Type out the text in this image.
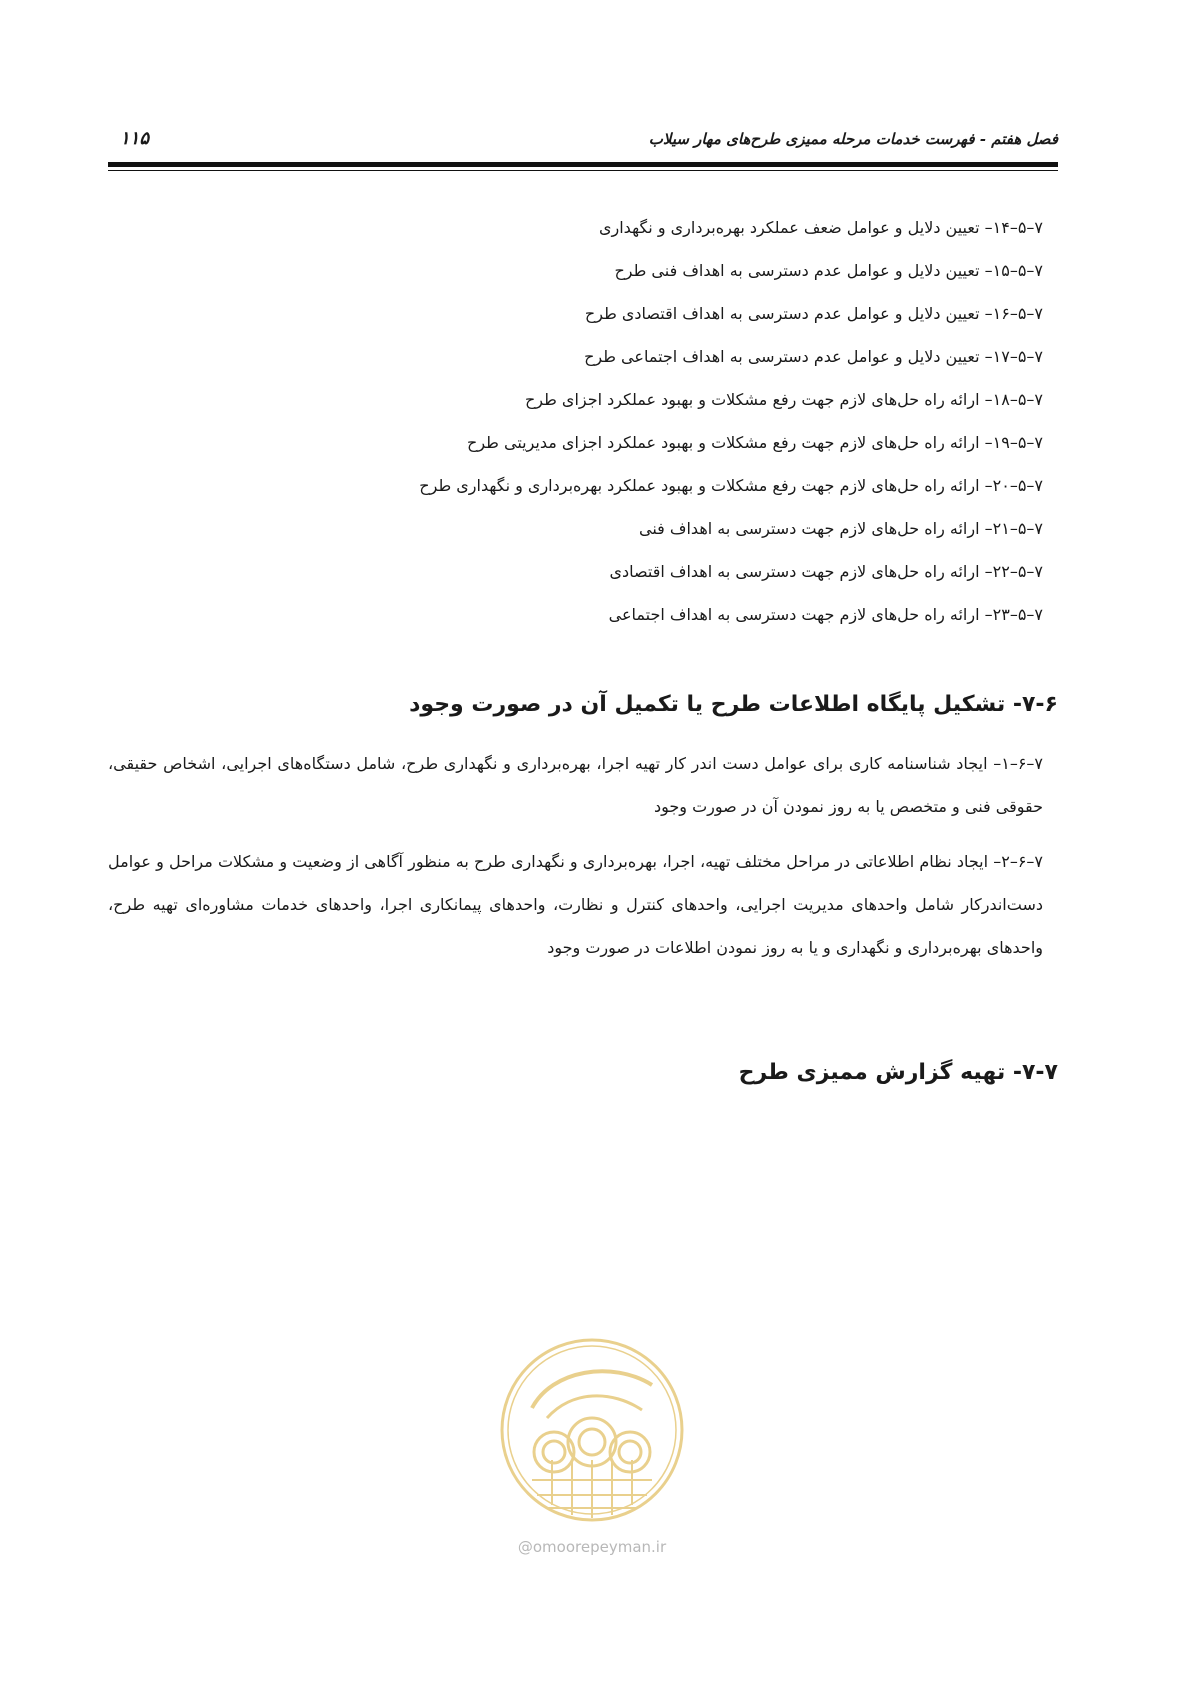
فصل هفتم - فهرست خدمات مرحله ممیزی طرح‌های مهار سیلاب
۱۱۵
۷–۵–۱۴– تعیین دلایل و عوامل ضعف عملکرد بهره‌برداری و نگهداری
۷–۵–۱۵– تعیین دلایل و عوامل عدم دسترسی به اهداف فنی طرح
۷–۵–۱۶– تعیین دلایل و عوامل عدم دسترسی به اهداف اقتصادی طرح
۷–۵–۱۷– تعیین دلایل و عوامل عدم دسترسی به اهداف اجتماعی طرح
۷–۵–۱۸– ارائه راه حل‌های لازم جهت رفع مشکلات و بهبود عملکرد اجزای طرح
۷–۵–۱۹– ارائه راه حل‌های لازم جهت رفع مشکلات و بهبود عملکرد اجزای مدیریتی طرح
۷–۵–۲۰– ارائه راه حل‌های لازم جهت رفع مشکلات و بهبود عملکرد بهره‌برداری و نگهداری طرح
۷–۵–۲۱– ارائه راه حل‌های لازم جهت دسترسی به اهداف فنی
۷–۵–۲۲– ارائه راه حل‌های لازم جهت دسترسی به اهداف اقتصادی
۷–۵–۲۳– ارائه راه حل‌های لازم جهت دسترسی به اهداف اجتماعی
۷-۶- تشکیل پایگاه اطلاعات طرح یا تکمیل آن در صورت وجود
۷–۶–۱– ایجاد شناسنامه کاری برای عوامل دست اندر کار تهیه اجرا، بهره‌برداری و نگهداری طرح، شامل دستگاه‌های اجرایی، اشخاص حقیقی، حقوقی فنی و متخصص یا به روز نمودن آن در صورت وجود
۷–۶–۲– ایجاد نظام اطلاعاتی در مراحل مختلف تهیه، اجرا، بهره‌برداری و نگهداری طرح به منظور آگاهی از وضعیت و مشکلات مراحل و عوامل دست‌اندرکار شامل واحدهای مدیریت اجرایی، واحدهای کنترل و نظارت، واحدهای پیمانکاری اجرا، واحدهای خدمات مشاوره‌ای تهیه طرح، واحدهای بهره‌برداری و نگهداری و یا به روز نمودن اطلاعات در صورت وجود
۷-۷- تهیه گزارش ممیزی طرح
@omoorepeyman.ir
